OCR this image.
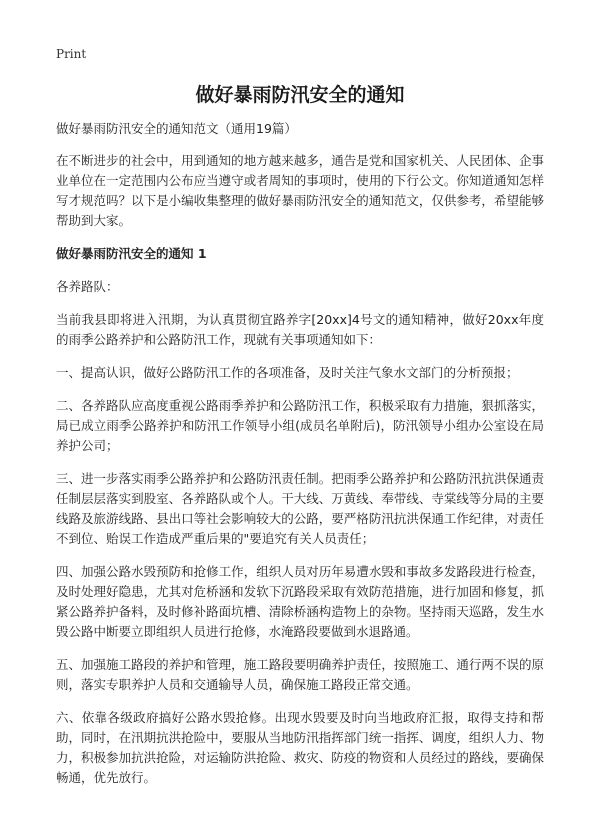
Print
做好暴雨防汛安全的通知
做好暴雨防汛安全的通知范文（通用19篇）
在不断进步的社会中，用到通知的地方越来越多，通告是党和国家机关、人民团体、企事业单位在一定范围内公布应当遵守或者周知的事项时，使用的下行公文。你知道通知怎样写才规范吗？以下是小编收集整理的做好暴雨防汛安全的通知范文，仅供参考，希望能够帮助到大家。
做好暴雨防汛安全的通知 1
各养路队：
当前我县即将进入汛期，为认真贯彻宜路养字[20xx]4号文的通知精神，做好20xx年度的雨季公路养护和公路防汛工作，现就有关事项通知如下：
一、提高认识，做好公路防汛工作的各项准备，及时关注气象水文部门的分析预报；
二、各养路队应高度重视公路雨季养护和公路防汛工作，积极采取有力措施，狠抓落实，局已成立雨季公路养护和防汛工作领导小组(成员名单附后)，防汛领导小组办公室设在局养护公司；
三、进一步落实雨季公路养护和公路防汛责任制。把雨季公路养护和公路防汛抗洪保通责任制层层落实到股室、各养路队或个人。干大线、万黄线、奉带线、寺棠线等分局的主要线路及旅游线路、县出口等社会影响较大的公路，要严格防汛抗洪保通工作纪律，对责任不到位、贻误工作造成严重后果的"要追究有关人员责任；
四、加强公路水毁预防和抢修工作，组织人员对历年易遭水毁和事故多发路段进行检查，及时处理好隐患，尤其对危桥涵和发软下沉路段采取有效防范措施，进行加固和修复，抓紧公路养护备料，及时修补路面坑槽、清除桥涵构造物上的杂物。坚持雨天巡路，发生水毁公路中断要立即组织人员进行抢修，水淹路段要做到水退路通。
五、加强施工路段的养护和管理，施工路段要明确养护责任，按照施工、通行两不误的原则，落实专职养护人员和交通输导人员，确保施工路段正常交通。
六、依靠各级政府搞好公路水毁抢修。出现水毁要及时向当地政府汇报，取得支持和帮助，同时，在汛期抗洪抢险中，要服从当地防汛指挥部门统一指挥、调度，组织人力、物力，积极参加抗洪抢险，对运输防洪抢险、救灾、防疫的物资和人员经过的路线，要确保畅通，优先放行。
